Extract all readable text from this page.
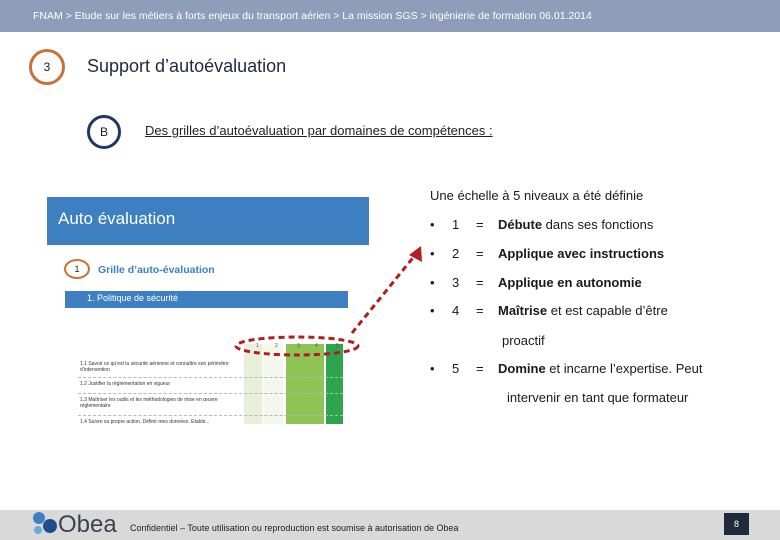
FNAM > Etude sur les métiers à forts enjeux du transport aérien > La mission SGS > ingénierie de formation 06.01.2014
3	Support d’autoévaluation
B	Des grilles d’autoévaluation par domaines de compétences :
Auto évaluation
1	Grille d’auto-évaluation
1. Politique de sécurité
1	2	3	4	5
1.1 Savoir ce qu’est la sécurité aérienne et connaître son périmètre d’intervention
1.2 Justifier la réglementation en vigueur
1.3 Maîtriser les outils et les méthodologies de mise en œuvre réglementaire
1.4 Suivre sa propre action. Définir mes données. Etablir...
Une échelle à 5 niveaux a été définie
• 1 = Débute dans ses fonctions
• 2 = Applique avec instructions
• 3 = Applique en autonomie
• 4 = Maîtrise et est capable d’être
proactif
• 5 = Domine et incarne l’expertise. Peut
intervenir en tant que formateur
Obea Confidentiel – Toute utilisation ou reproduction est soumise à autorisation de Obea	8
